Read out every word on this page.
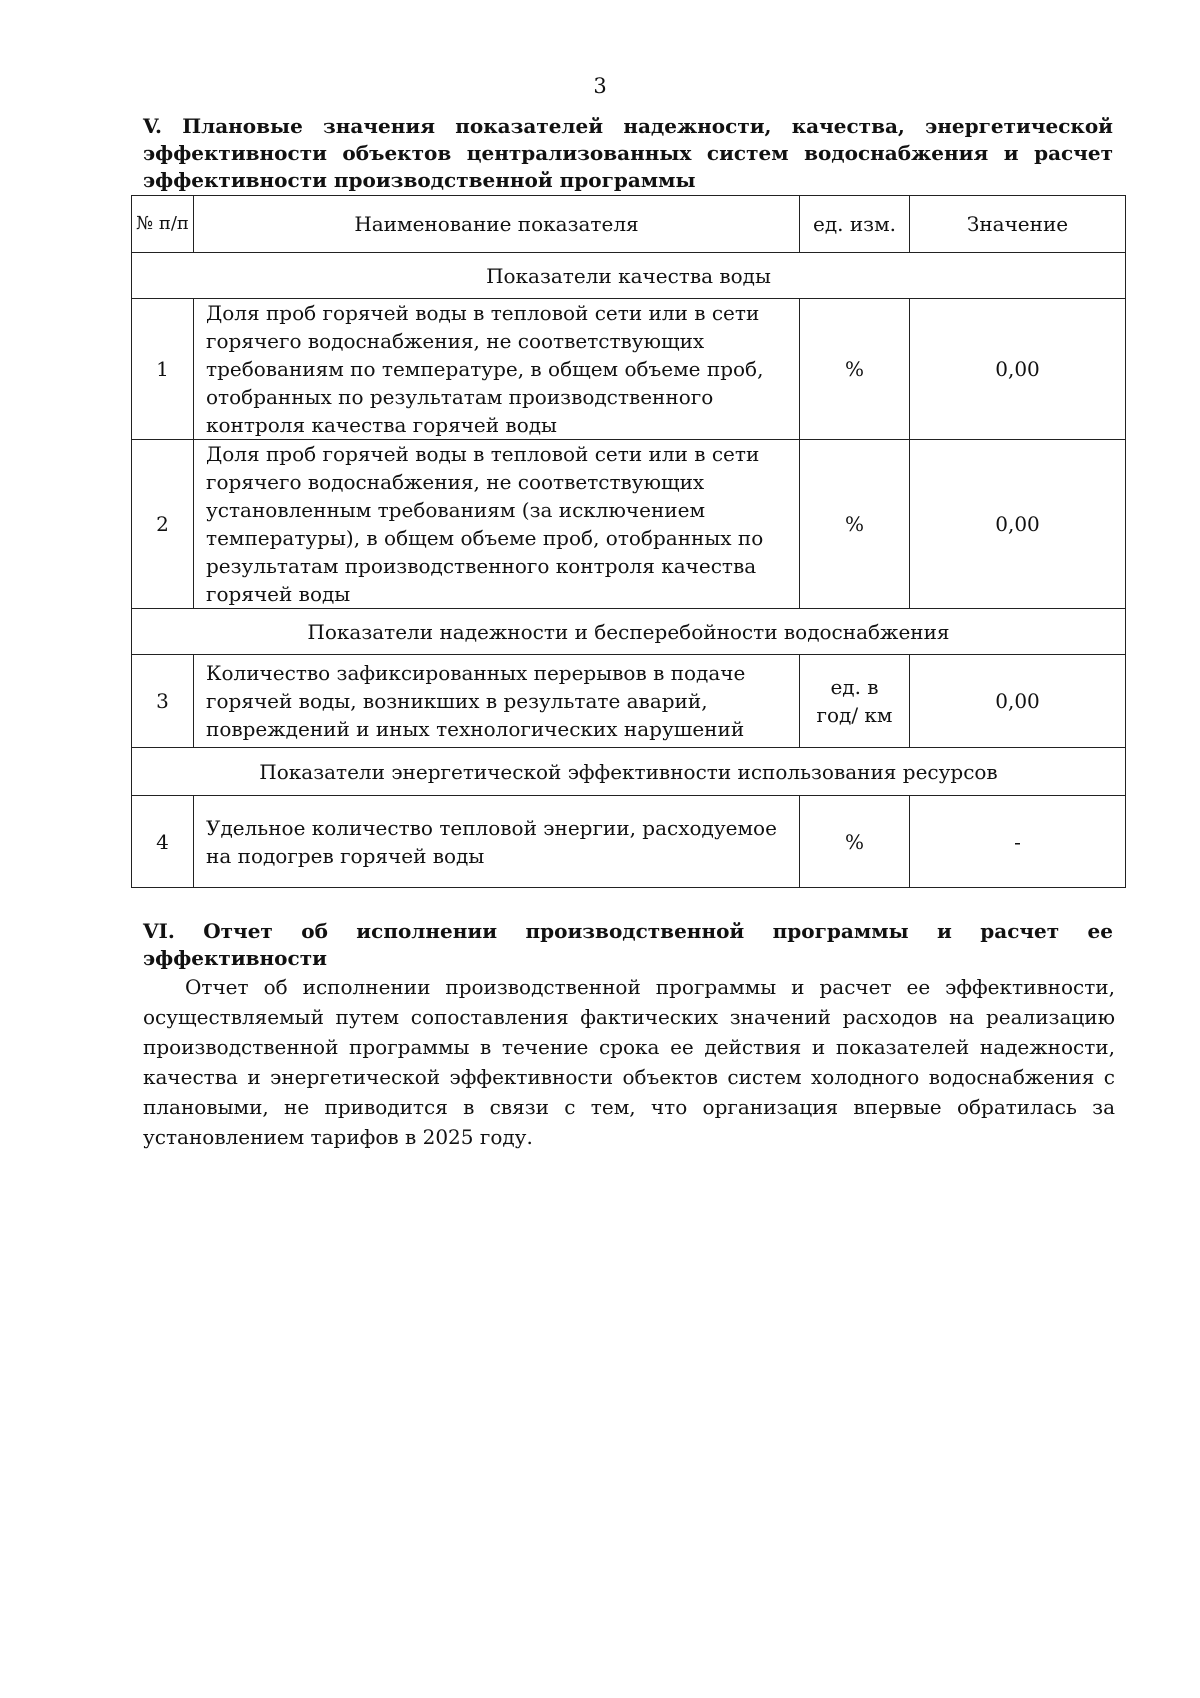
3
V. Плановые значения показателей надежности, качества, энергетической эффективности объектов централизованных систем водоснабжения и расчет эффективности производственной программы
№ п/п	Наименование показателя	ед. изм.	Значение
Показатели качества воды			
1	Доля проб горячей воды в тепловой сети или в сети горячего водоснабжения, не соответствующих требованиям по температуре, в общем объеме проб, отобранных по результатам производственного контроля качества горячей воды	%	0,00
2	Доля проб горячей воды в тепловой сети или в сети горячего водоснабжения, не соответствующих установленным требованиям (за исключением температуры), в общем объеме проб, отобранных по результатам производственного контроля качества горячей воды	%	0,00
Показатели надежности и бесперебойности водоснабжения			
3	Количество зафиксированных перерывов в подаче горячей воды, возникших в результате аварий, повреждений и иных технологических нарушений	ед. в год/ км	0,00
Показатели энергетической эффективности использования ресурсов			
4	Удельное количество тепловой энергии, расходуемое на подогрев горячей воды	%	-
VI. Отчет об исполнении производственной программы и расчет ее эффективности

Отчет об исполнении производственной программы и расчет ее эффективности, осуществляемый путем сопоставления фактических значений расходов на реализацию производственной программы в течение срока ее действия и показателей надежности, качества и энергетической эффективности объектов систем холодного водоснабжения с плановыми, не приводится в связи с тем, что организация впервые обратилась за установлением тарифов в 2025 году.
